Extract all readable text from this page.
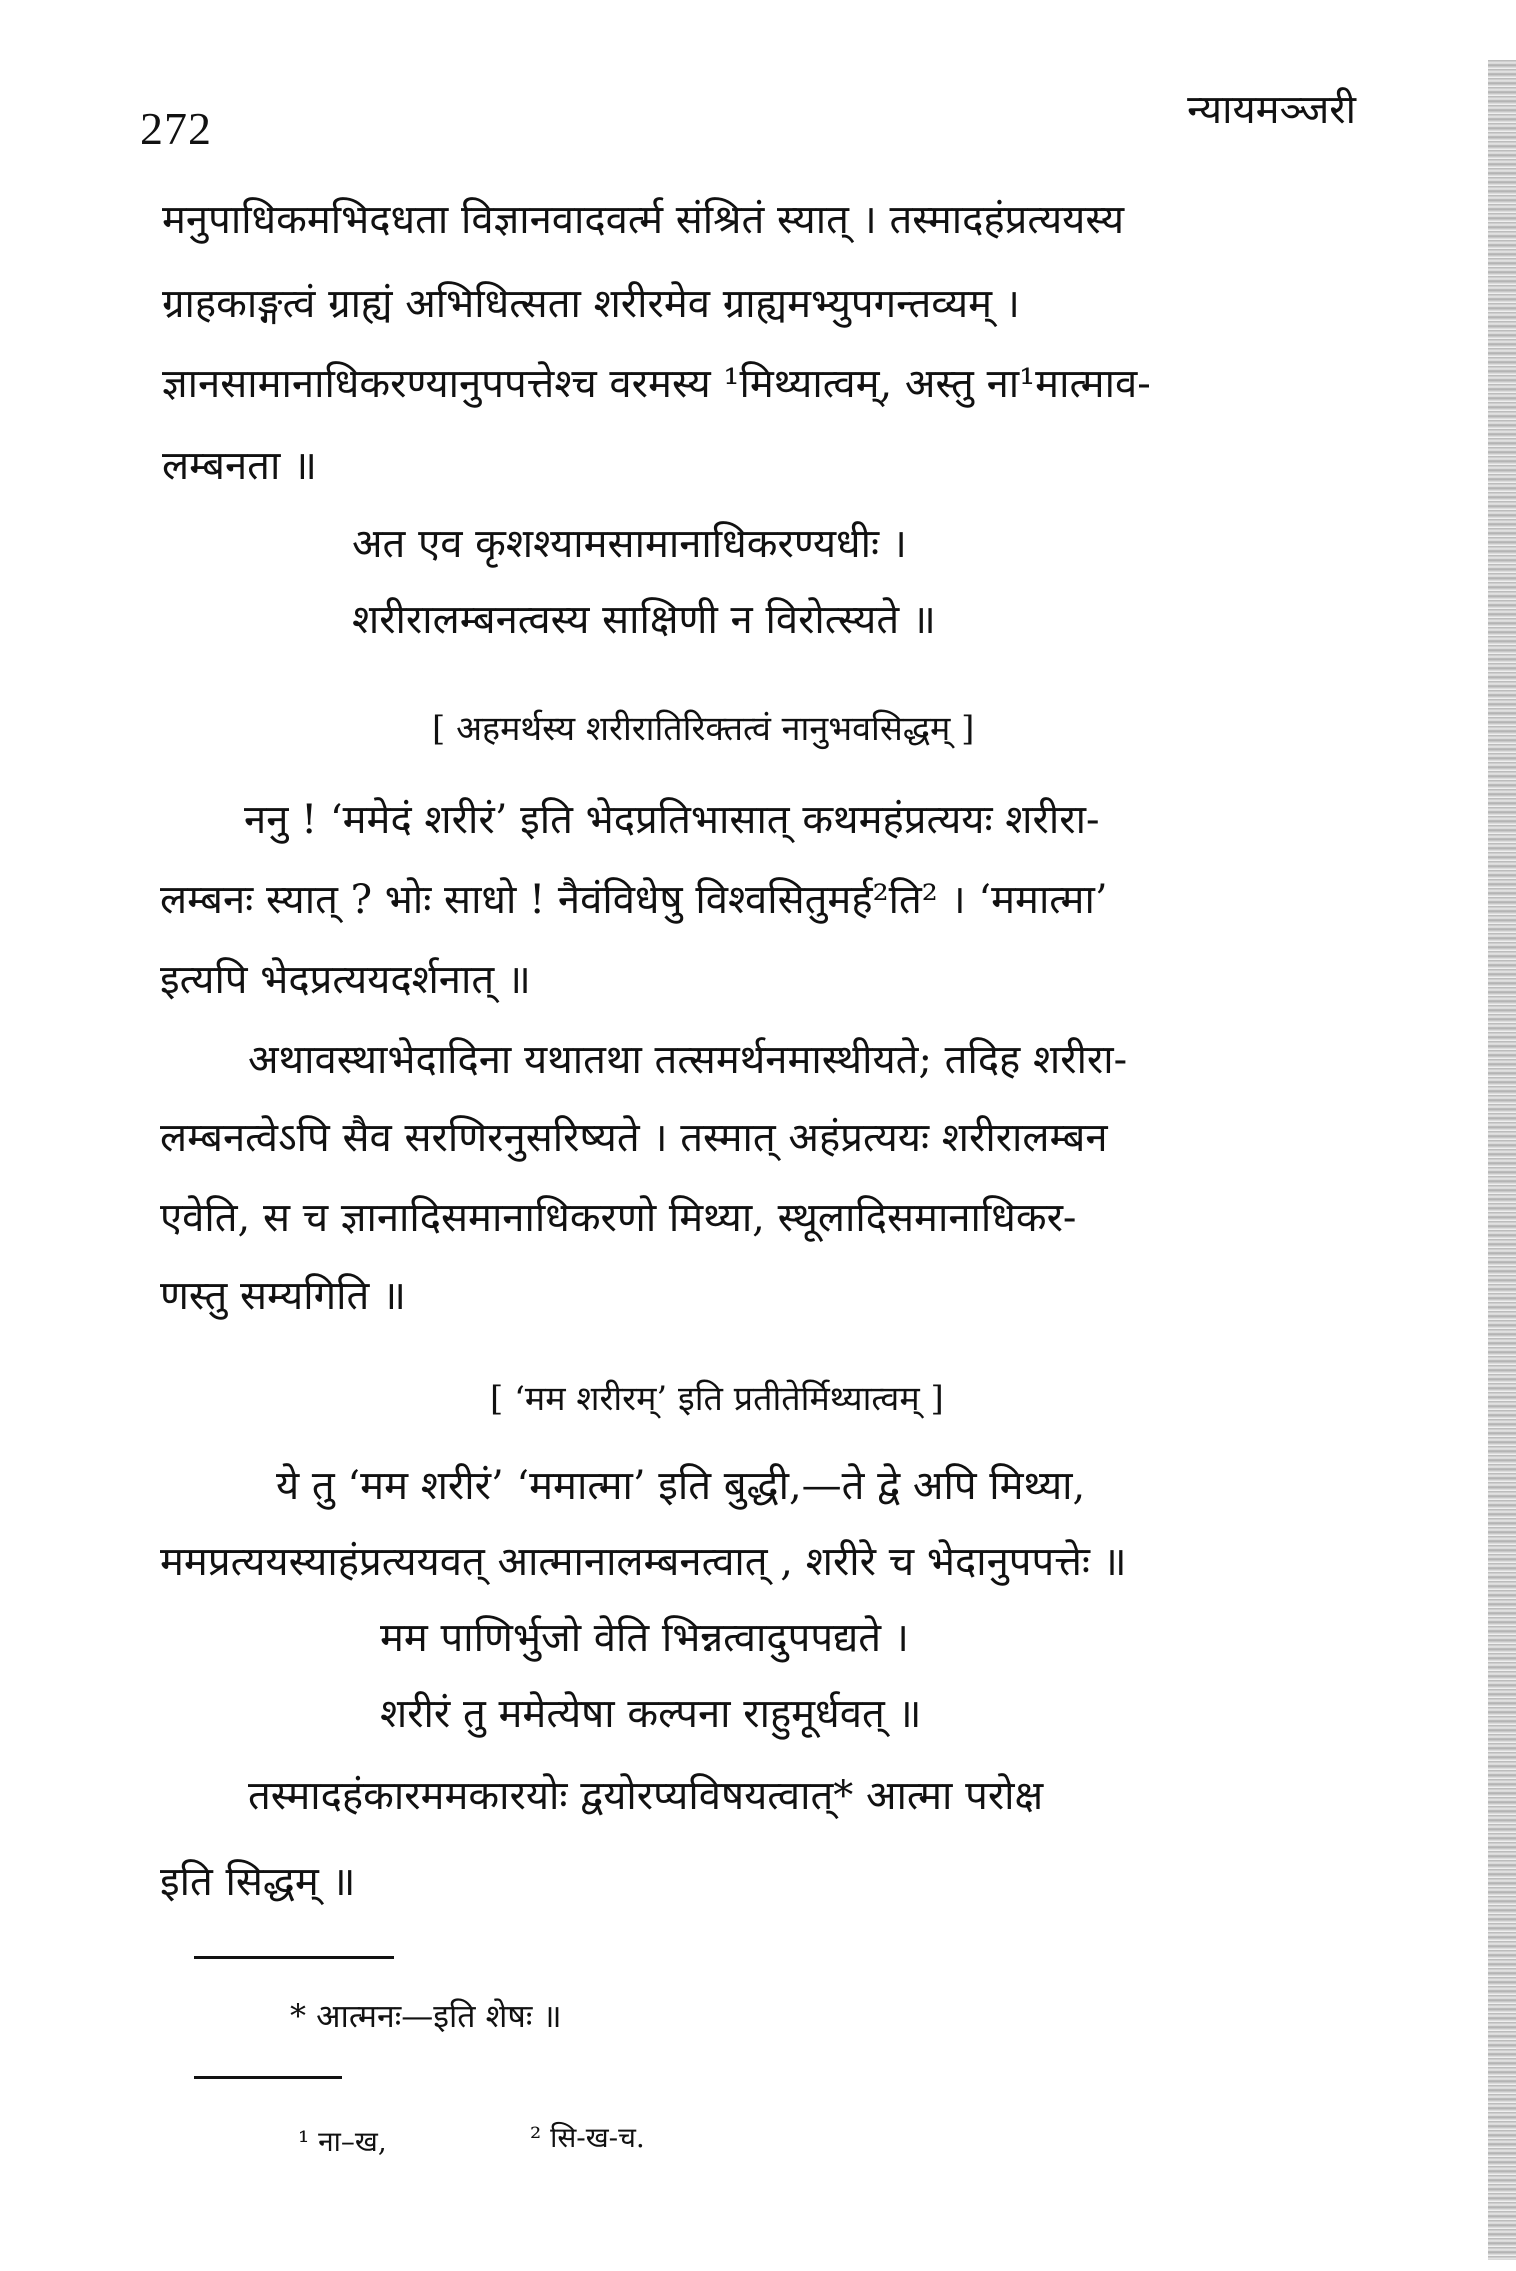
272	न्यायमञ्जरी
मनुपाधिकमभिदधता विज्ञानवादवर्त्म संश्रितं स्यात् । तस्मादहंप्रत्ययस्य
ग्राहकाङ्गत्वं ग्राह्यं अभिधित्सता शरीरमेव ग्राह्यमभ्युपगन्तव्यम् ।
ज्ञानसामानाधिकरण्यानुपपत्तेश्च वरमस्य ¹मिथ्यात्वम्, अस्तु ना¹मात्माव-
लम्बनता ॥
अत एव कृशश्यामसामानाधिकरण्यधीः ।
शरीरालम्बनत्वस्य साक्षिणी न विरोत्स्यते ॥
[ अहमर्थस्य शरीरातिरिक्तत्वं नानुभवसिद्धम् ]
ननु ! ‘ममेदं शरीरं’ इति भेदप्रतिभासात् कथमहंप्रत्ययः शरीरा-
लम्बनः स्यात् ? भोः साधो ! नैवंविधेषु विश्वसितुमर्ह²ति² । ‘ममात्मा’
इत्यपि भेदप्रत्ययदर्शनात् ॥
अथावस्थाभेदादिना यथातथा तत्समर्थनमास्थीयते; तदिह शरीरा-
लम्बनत्वेऽपि सैव सरणिरनुसरिष्यते । तस्मात् अहंप्रत्ययः शरीरालम्बन
एवेति, स च ज्ञानादिसमानाधिकरणो मिथ्या, स्थूलादिसमानाधिकर-
णस्तु सम्यगिति ॥
[ ‘मम शरीरम्’ इति प्रतीतेर्मिथ्यात्वम् ]
ये तु ‘मम शरीरं’ ‘ममात्मा’ इति बुद्धी,—ते द्वे अपि मिथ्या,
ममप्रत्ययस्याहंप्रत्ययवत् आत्मानालम्बनत्वात् , शरीरे च भेदानुपपत्तेः ॥
मम पाणिर्भुजो वेति भिन्नत्वादुपपद्यते ।
शरीरं तु ममेत्येषा कल्पना राहुमूर्धवत् ॥
तस्मादहंकारममकारयोः द्वयोरप्यविषयत्वात्* आत्मा परोक्ष
इति सिद्धम् ॥
* आत्मनः—इति शेषः ॥
¹ ना–ख,	² सि-ख-च.
